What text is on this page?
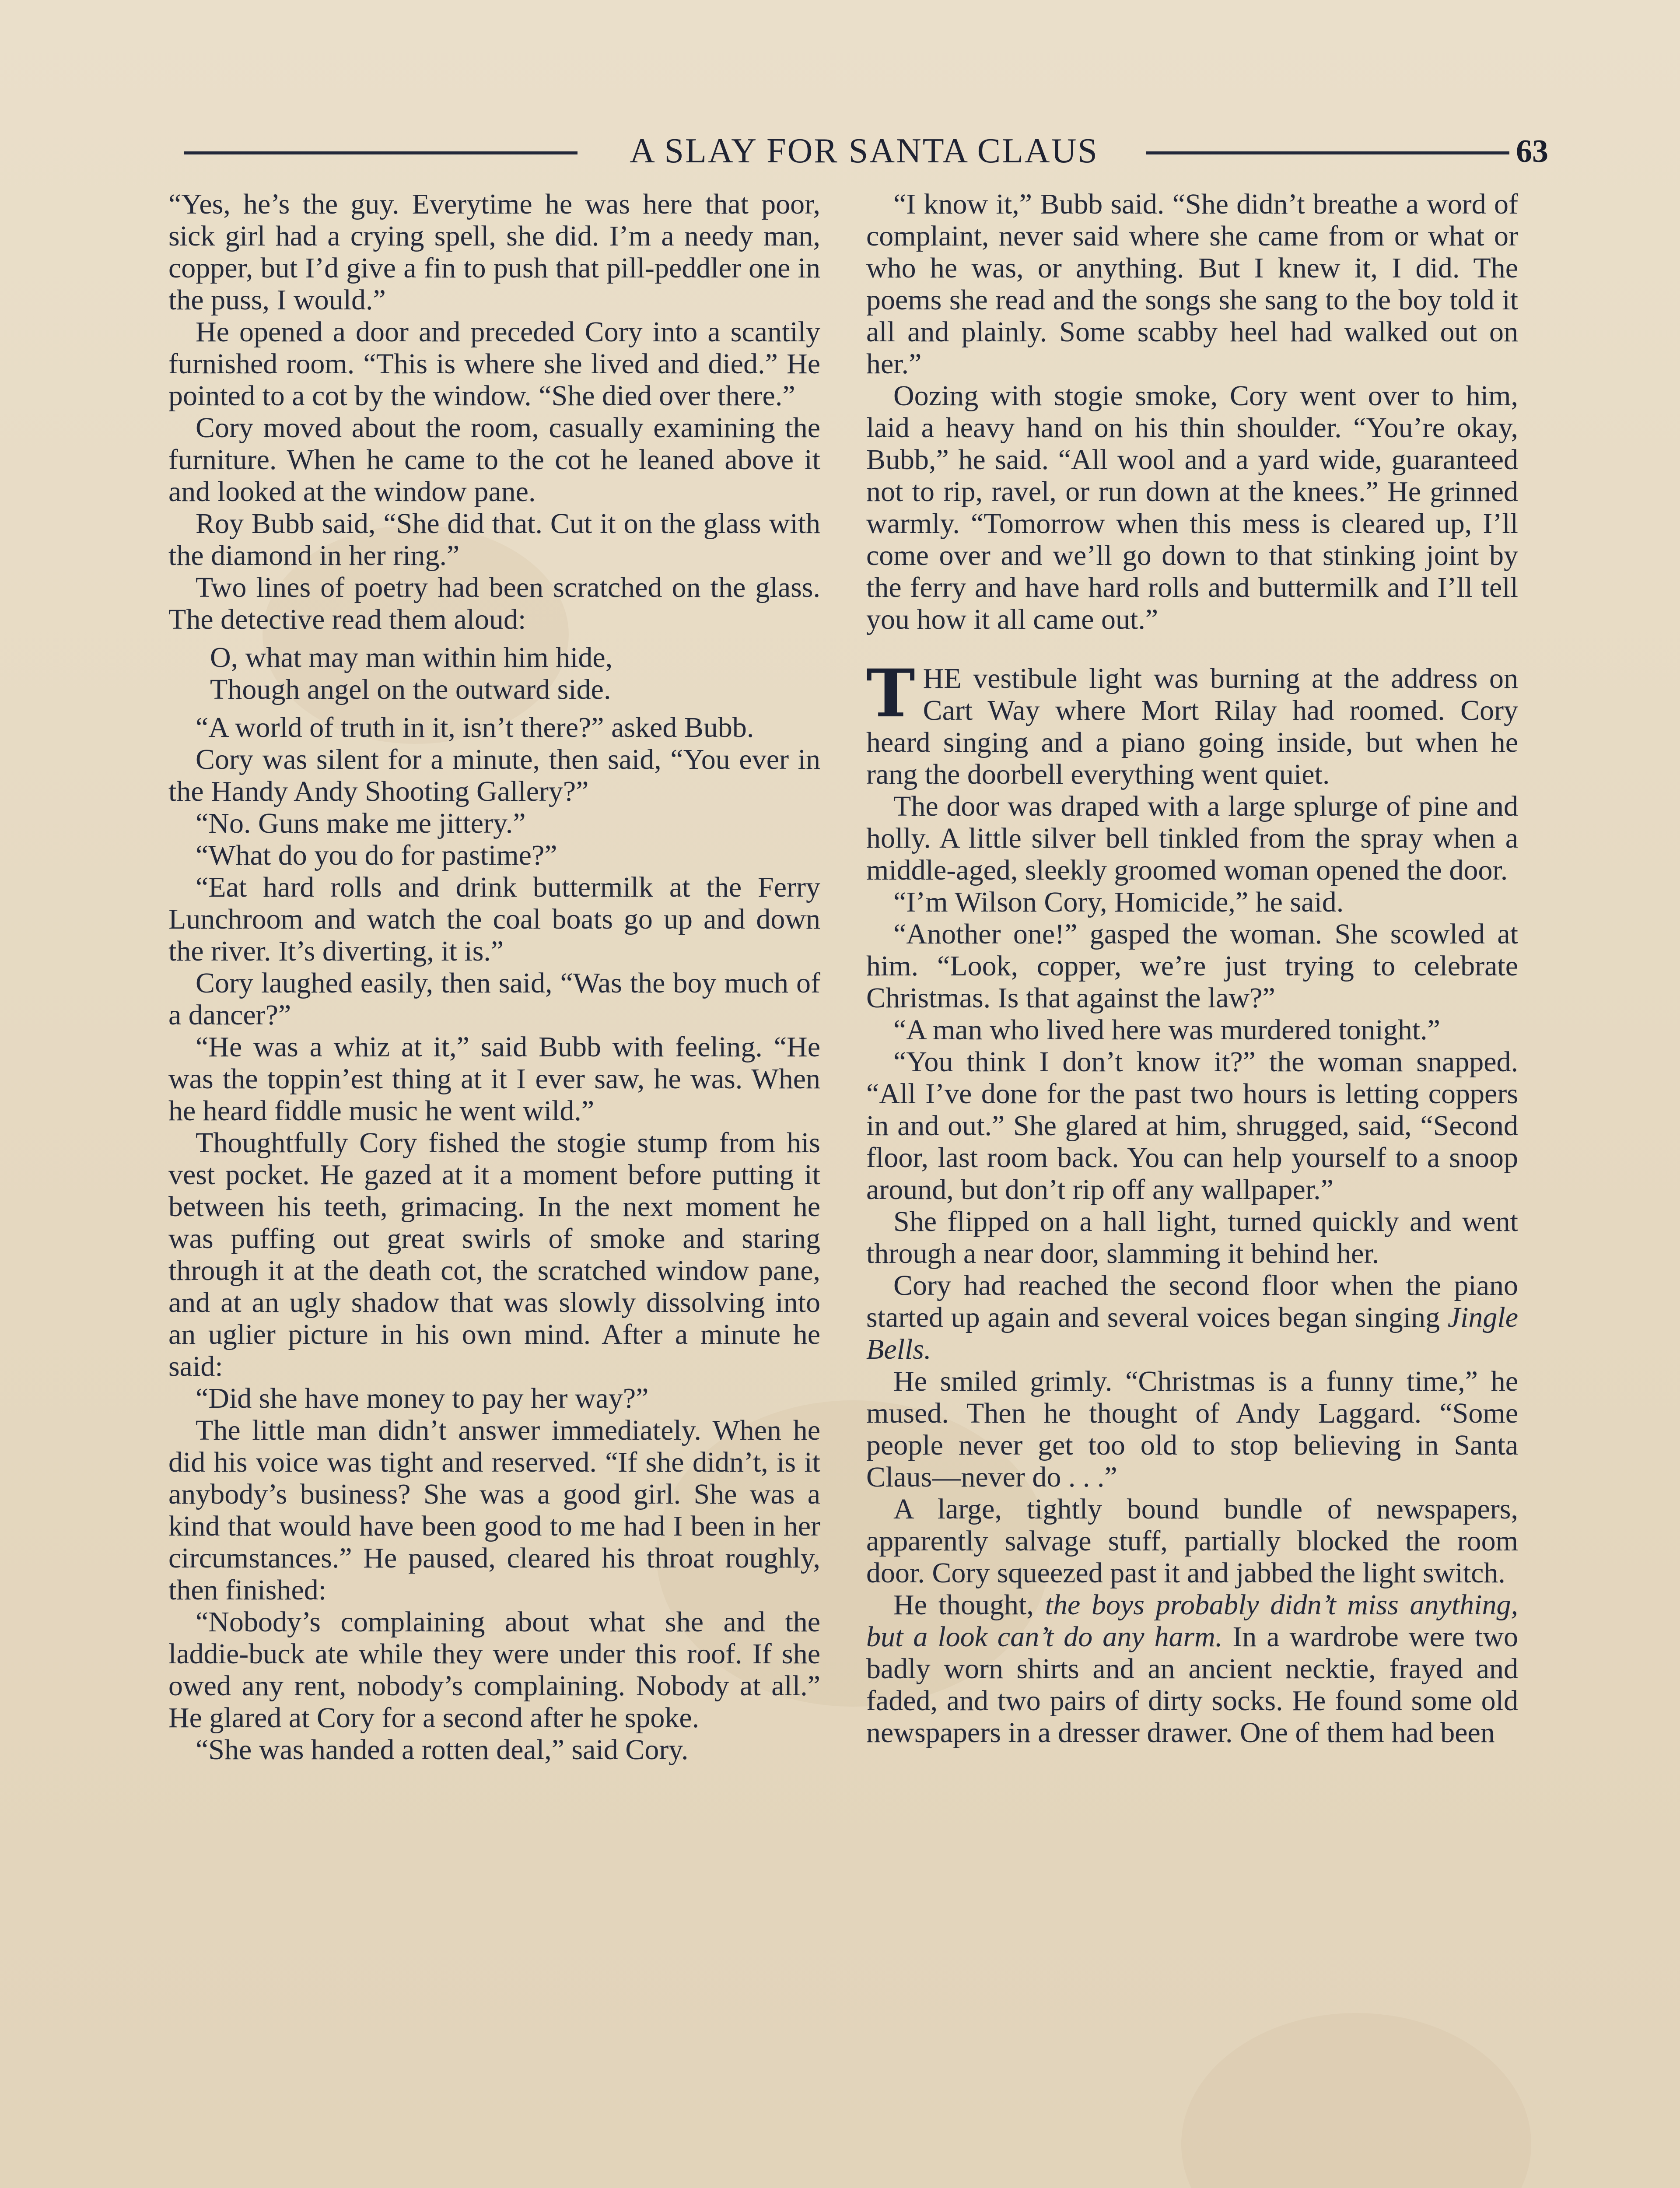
A SLAY FOR SANTA CLAUS	63

“Yes, he’s the guy. Everytime he was here that poor, sick girl had a crying spell, she did. I’m a needy man, copper, but I’d give a fin to push that pill-peddler one in the puss, I would.”

He opened a door and preceded Cory into a scantily furnished room. “This is where she lived and died.” He pointed to a cot by the window. “She died over there.”

Cory moved about the room, casually examining the furniture. When he came to the cot he leaned above it and looked at the window pane.

Roy Bubb said, “She did that. Cut it on the glass with the diamond in her ring.”

Two lines of poetry had been scratched on the glass. The detective read them aloud:

O, what may man within him hide,
Though angel on the outward side.

“A world of truth in it, isn’t there?” asked Bubb.

Cory was silent for a minute, then said, “You ever in the Handy Andy Shooting Gallery?”

“No. Guns make me jittery.”

“What do you do for pastime?”

“Eat hard rolls and drink buttermilk at the Ferry Lunchroom and watch the coal boats go up and down the river. It’s diverting, it is.”

Cory laughed easily, then said, “Was the boy much of a dancer?”

“He was a whiz at it,” said Bubb with feeling. “He was the toppin’est thing at it I ever saw, he was. When he heard fiddle music he went wild.”

Thoughtfully Cory fished the stogie stump from his vest pocket. He gazed at it a moment before putting it between his teeth, grimacing. In the next moment he was puffing out great swirls of smoke and staring through it at the death cot, the scratched window pane, and at an ugly shadow that was slowly dissolving into an uglier picture in his own mind. After a minute he said:

“Did she have money to pay her way?”

The little man didn’t answer immediately. When he did his voice was tight and reserved. “If she didn’t, is it anybody’s business? She was a good girl. She was a kind that would have been good to me had I been in her circumstances.” He paused, cleared his throat roughly, then finished:

“Nobody’s complaining about what she and the laddie-buck ate while they were under this roof. If she owed any rent, nobody’s complaining. Nobody at all.” He glared at Cory for a second after he spoke.

“She was handed a rotten deal,” said Cory.

“I know it,” Bubb said. “She didn’t breathe a word of complaint, never said where she came from or what or who he was, or anything. But I knew it, I did. The poems she read and the songs she sang to the boy told it all and plainly. Some scabby heel had walked out on her.”

Oozing with stogie smoke, Cory went over to him, laid a heavy hand on his thin shoulder. “You’re okay, Bubb,” he said. “All wool and a yard wide, guaranteed not to rip, ravel, or run down at the knees.” He grinned warmly. “Tomorrow when this mess is cleared up, I’ll come over and we’ll go down to that stinking joint by the ferry and have hard rolls and buttermilk and I’ll tell you how it all came out.”

THE vestibule light was burning at the address on Cart Way where Mort Rilay had roomed. Cory heard singing and a piano going inside, but when he rang the doorbell everything went quiet.

The door was draped with a large splurge of pine and holly. A little silver bell tinkled from the spray when a middle-aged, sleekly groomed woman opened the door.

“I’m Wilson Cory, Homicide,” he said.

“Another one!” gasped the woman. She scowled at him. “Look, copper, we’re just trying to celebrate Christmas. Is that against the law?”

“A man who lived here was murdered tonight.”

“You think I don’t know it?” the woman snapped. “All I’ve done for the past two hours is letting coppers in and out.” She glared at him, shrugged, said, “Second floor, last room back. You can help yourself to a snoop around, but don’t rip off any wallpaper.”

She flipped on a hall light, turned quickly and went through a near door, slamming it behind her.

Cory had reached the second floor when the piano started up again and several voices began singing Jingle Bells.

He smiled grimly. “Christmas is a funny time,” he mused. Then he thought of Andy Laggard. “Some people never get too old to stop believing in Santa Claus—never do . . .”

A large, tightly bound bundle of newspapers, apparently salvage stuff, partially blocked the room door. Cory squeezed past it and jabbed the light switch.

He thought, the boys probably didn’t miss anything, but a look can’t do any harm. In a wardrobe were two badly worn shirts and an ancient necktie, frayed and faded, and two pairs of dirty socks. He found some old newspapers in a dresser drawer. One of them had been
